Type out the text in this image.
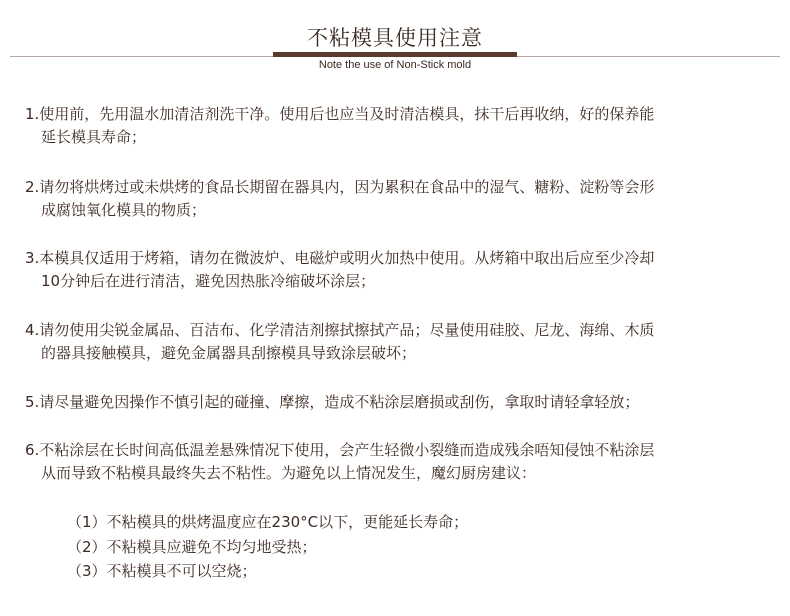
不粘模具使用注意
Note the use of Non-Stick mold
1.使用前，先用温水加清洁剂洗干净。使用后也应当及时清洁模具，抹干后再收纳，好的保养能
延长模具寿命；
2.请勿将烘烤过或未烘烤的食品长期留在器具内，因为累积在食品中的湿气、糖粉、淀粉等会形
成腐蚀氧化模具的物质；
3.本模具仅适用于烤箱，请勿在微波炉、电磁炉或明火加热中使用。从烤箱中取出后应至少冷却
10分钟后在进行清洁，避免因热胀冷缩破坏涂层；
4.请勿使用尖锐金属品、百洁布、化学清洁剂擦拭擦拭产品；尽量使用硅胶、尼龙、海绵、木质
的器具接触模具，避免金属器具刮擦模具导致涂层破坏；
5.请尽量避免因操作不慎引起的碰撞、摩擦，造成不粘涂层磨损或刮伤，拿取时请轻拿轻放；
6.不粘涂层在长时间高低温差悬殊情况下使用，会产生轻微小裂缝而造成残余唔知侵蚀不粘涂层
从而导致不粘模具最终失去不粘性。为避免以上情况发生，魔幻厨房建议：
（1）不粘模具的烘烤温度应在230°C以下，更能延长寿命；
（2）不粘模具应避免不均匀地受热；
（3）不粘模具不可以空烧；
